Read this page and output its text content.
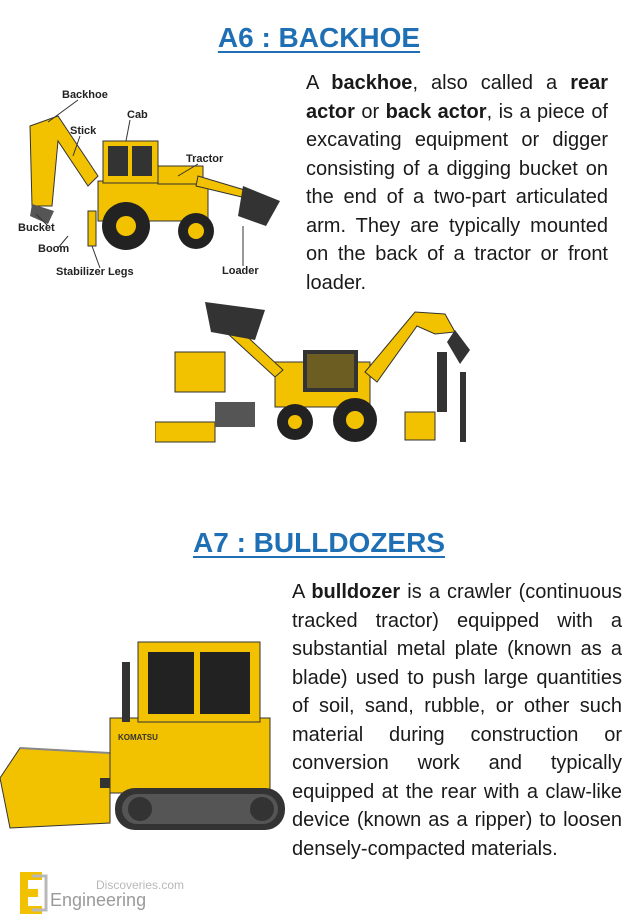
A6 : BACKHOE
Backhoe
Cab
Stick
Tractor
Bucket
Boom
Stabilizer Legs	Loader

A backhoe, also called a rear actor or back actor, is a piece of excavating equipment or digger consisting of a digging bucket on the end of a two-part articulated arm. They are typically mounted on the back of a tractor or front loader.

A7 : BULLDOZERS
KOMATSU

A bulldozer is a crawler (continuous tracked tractor) equipped with a substantial metal plate (known as a blade) used to push large quantities of soil, sand, rubble, or other such material during construction or conversion work and typically equipped at the rear with a claw-like device (known as a ripper) to loosen densely-compacted materials.

Discoveries.com
Engineering
